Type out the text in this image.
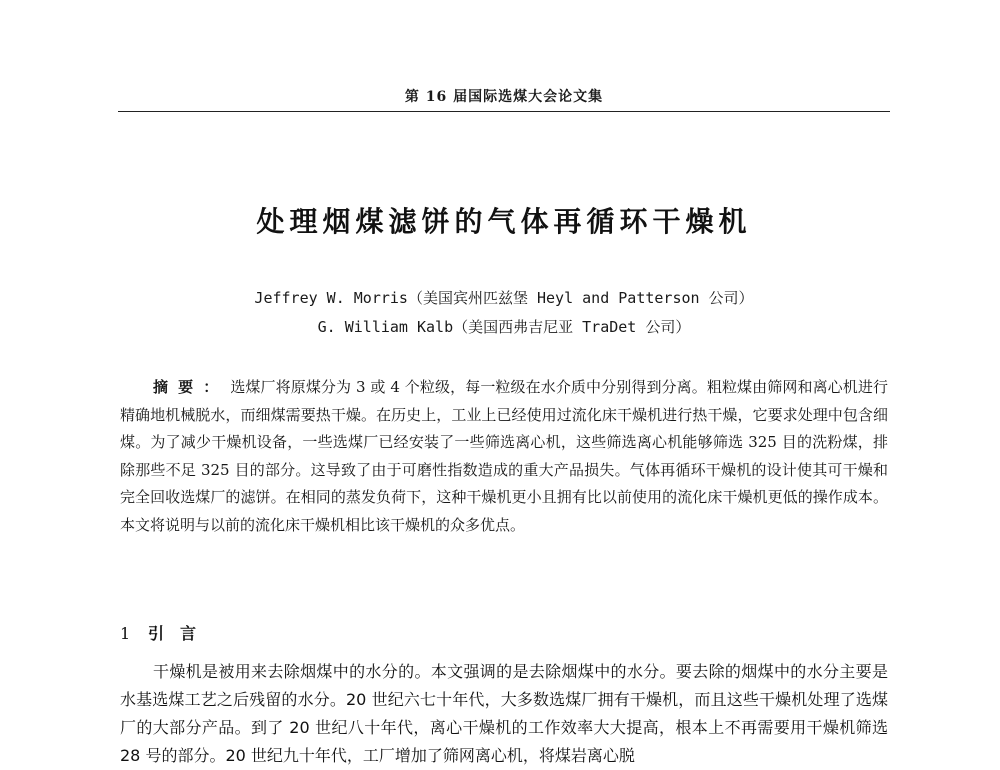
第 16 届国际选煤大会论文集
处理烟煤滤饼的气体再循环干燥机
Jeffrey W. Morris（美国宾州匹兹堡 Heyl and Patterson 公司）
G. William Kalb（美国西弗吉尼亚 TraDet 公司）
摘要： 选煤厂将原煤分为 3 或 4 个粒级，每一粒级在水介质中分别得到分离。粗粒煤由筛网和离心机进行精确地机械脱水，而细煤需要热干燥。在历史上，工业上已经使用过流化床干燥机进行热干燥，它要求处理中包含细煤。为了减少干燥机设备，一些选煤厂已经安装了一些筛选离心机，这些筛选离心机能够筛选 325 目的洗粉煤，排除那些不足 325 目的部分。这导致了由于可磨性指数造成的重大产品损失。气体再循环干燥机的设计使其可干燥和完全回收选煤厂的滤饼。在相同的蒸发负荷下，这种干燥机更小且拥有比以前使用的流化床干燥机更低的操作成本。本文将说明与以前的流化床干燥机相比该干燥机的众多优点。
1 引言
干燥机是被用来去除烟煤中的水分的。本文强调的是去除烟煤中的水分。要去除的烟煤中的水分主要是水基选煤工艺之后残留的水分。20 世纪六七十年代，大多数选煤厂拥有干燥机，而且这些干燥机处理了选煤厂的大部分产品。到了 20 世纪八十年代，离心干燥机的工作效率大大提高，根本上不再需要用干燥机筛选 28 号的部分。20 世纪九十年代，工厂增加了筛网离心机，将煤岩离心脱
